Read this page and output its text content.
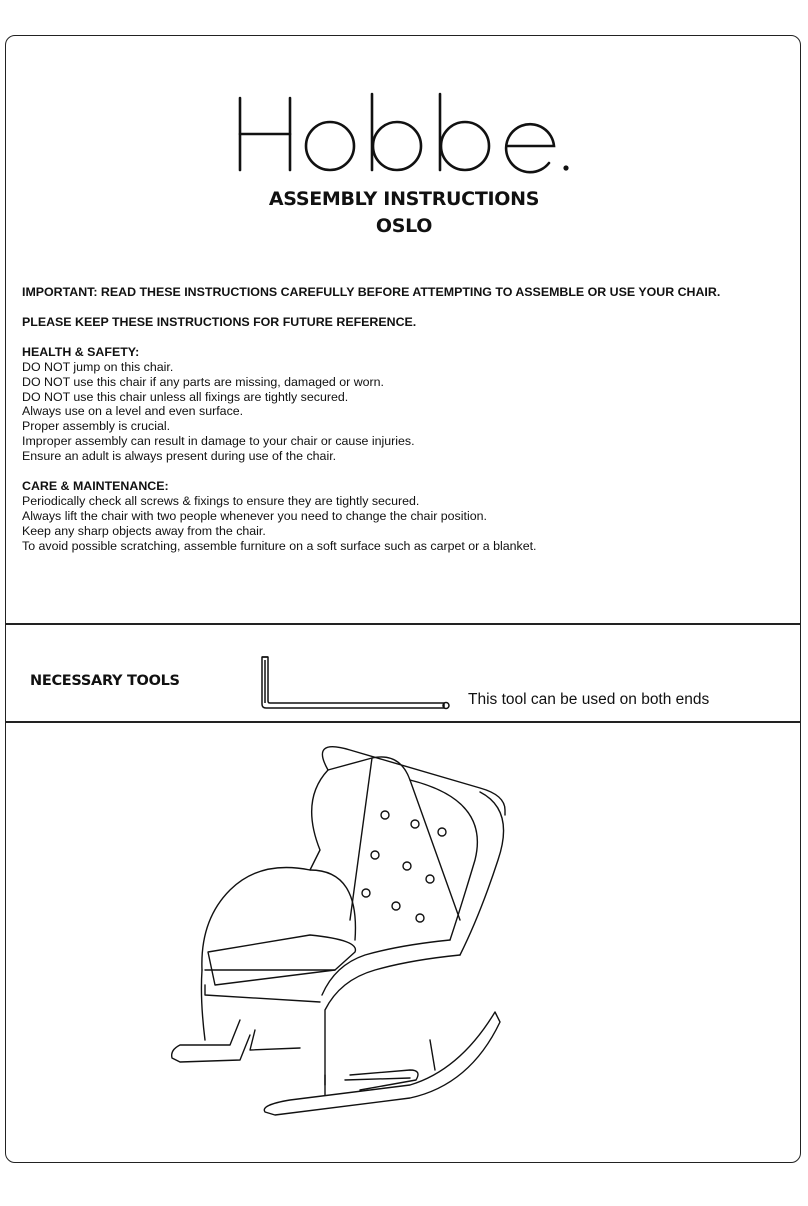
ASSEMBLY INSTRUCTIONS
OSLO

IMPORTANT: READ THESE INSTRUCTIONS CAREFULLY BEFORE ATTEMPTING TO ASSEMBLE OR USE YOUR CHAIR.

PLEASE KEEP THESE INSTRUCTIONS FOR FUTURE REFERENCE.

HEALTH & SAFETY:

DO NOT jump on this chair.

DO NOT use this chair if any parts are missing, damaged or worn.

DO NOT use this chair unless all fixings are tightly secured.

Always use on a level and even surface.

Proper assembly is crucial.

Improper assembly can result in damage to your chair or cause injuries.

Ensure an adult is always present during use of the chair.

CARE & MAINTENANCE:

Periodically check all screws & fixings to ensure they are tightly secured.

Always lift the chair with two people whenever you need to change the chair position.

Keep any sharp objects away from the chair.

To avoid possible scratching, assemble furniture on a soft surface such as carpet or a blanket.

NECESSARY TOOLS
This tool can be used on both ends
